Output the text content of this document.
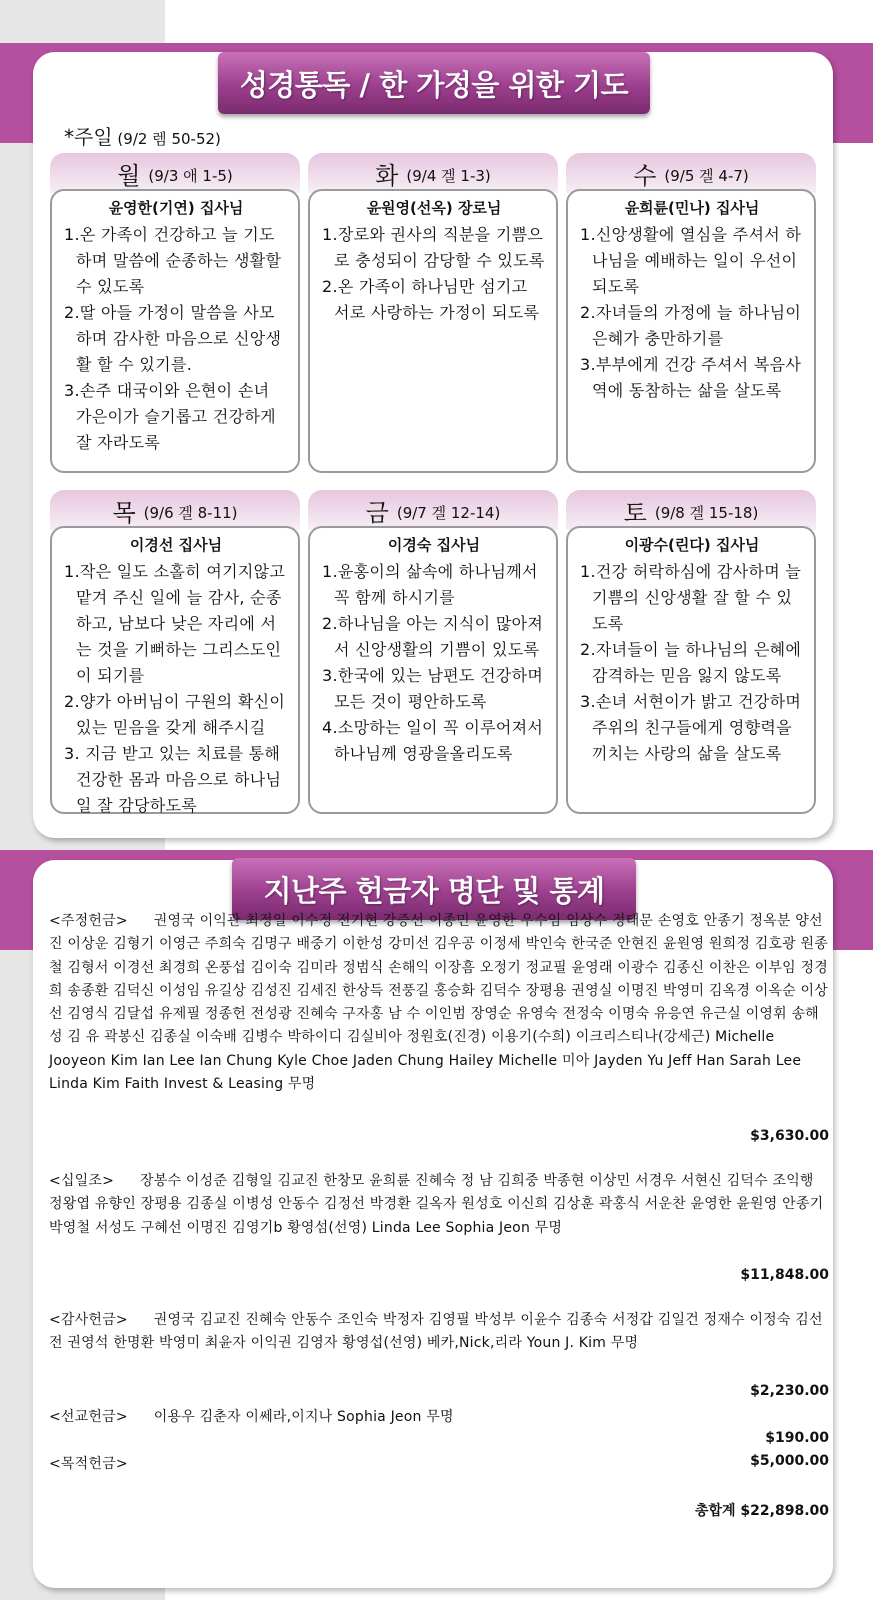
성경통독 / 한 가정을 위한 기도
*주일 (9/2 렘 50-52)
월 (9/3 애 1-5)
윤영한(기연) 집사님
1.온 가족이 건강하고 늘 기도하며 말씀에 순종하는 생활할수 있도록
2.딸 아들 가정이 말씀을 사모하며 감사한 마음으로 신앙생활 할 수 있기를.
3.손주 대국이와 은현이 손녀 가은이가 슬기롭고 건강하게 잘 자라도록
화 (9/4 겔 1-3)
윤원영(선옥) 장로님
1.장로와 권사의 직분을 기쁨으로 충성되이 감당할 수 있도록
2.온 가족이 하나님만 섬기고 서로 사랑하는 가정이 되도록
수 (9/5 겔 4-7)
윤희륜(민나) 집사님
1.신앙생활에 열심을 주셔서 하나님을 예배하는 일이 우선이 되도록
2.자녀들의 가정에 늘 하나님이 은혜가 충만하기를
3.부부에게 건강 주셔서 복음사역에 동참하는 삶을 살도록
목 (9/6 겔 8-11)
이경선 집사님
1.작은 일도 소홀히 여기지않고 맡겨 주신 일에 늘 감사, 순종하고, 남보다 낮은 자리에 서는 것을 기뻐하는 그리스도인이 되기를
2.양가 아버님이 구원의 확신이 있는 믿음을 갖게 해주시길
3. 지금 받고 있는 치료를 통해 건강한 몸과 마음으로 하나님 일 잘 감당하도록
금 (9/7 겔 12-14)
이경숙 집사님
1.윤홍이의 삶속에 하나님께서 꼭 함께 하시기를
2.하나님을 아는 지식이 많아져서 신앙생활의 기쁨이 있도록
3.한국에 있는 남편도 건강하며 모든 것이 평안하도록
4.소망하는 일이 꼭 이루어져서 하나님께 영광을올리도록
토 (9/8 겔 15-18)
이광수(린다) 집사님
1.건강 허락하심에 감사하며 늘 기쁨의 신앙생활 잘 할 수 있도록
2.자녀들이 늘 하나님의 은혜에 감격하는 믿음 잃지 않도록
3.손녀 서현이가 밝고 건강하며 주위의 친구들에게 영향력을 끼치는 사랑의 삶을 살도록
지난주 헌금자 명단 및 통계
<주정헌금> 권영국 이익관 최정일 이수정 전기현 강증선 이종민 윤영한 우수임 임상수 정태문 손영호 안종기 정옥분 양선진 이상운 김형기 이영근 주희숙 김명구 배중기 이한성 강미선 김우공 이정세 박인숙 한국준 안현진 윤원영 원희정 김호광 원종철 김형서 이경선 최경희 온풍섭 김이숙 김미라 정범식 손해익 이장흠 오정기 정교필 윤영래 이광수 김종신 이찬은 이부임 정경희 송종환 김덕신 이성임 유길상 김성진 김세진 한상득 전풍길 홍승화 김덕수 장평용 권영실 이명진 박영미 김옥경 이옥순 이상선 김영식 김달섭 유제필 정종헌 전성광 진혜숙 구자홍 남 수 이인범 장영순 유영숙 전정숙 이명숙 유응연 유근실 이영휘 송해성 김 유 곽봉신 김종실 이숙배 김병수 박하이디 김실비아 정원호(진경) 이용기(수희) 이크리스티나(강세근) Michelle Jooyeon Kim Ian Lee Ian Chung Kyle Choe Jaden Chung Hailey Michelle 미아 Jayden Yu Jeff Han Sarah Lee Linda Kim Faith Invest & Leasing 무명
$3,630.00
<십일조> 장봉수 이성준 김형일 김교진 한창모 윤희륜 진혜숙 정 남 김희중 박종현 이상민 서경우 서현신 김덕수 조익행 정왕엽 유향인 장평용 김종실 이병성 안동수 김정선 박경환 길옥자 원성호 이신희 김상훈 곽홍식 서운찬 윤영한 윤원영 안종기 박영철 서성도 구혜선 이명진 김영기b 황영섬(선영) Linda Lee Sophia Jeon 무명
$11,848.00
<감사헌금> 권영국 김교진 진혜숙 안동수 조인숙 박정자 김영필 박성부 이윤수 김종숙 서정갑 김일건 정재수 이정숙 김선전 권영석 한명환 박영미 최윤자 이익권 김영자 황영섭(선영) 베카,Nick,리라 Youn J. Kim 무명
$2,230.00
<선교헌금> 이용우 김춘자 이쎄라,이지나 Sophia Jeon 무명
$190.00
<목적헌금>	$5,000.00
총합계 $22,898.00
